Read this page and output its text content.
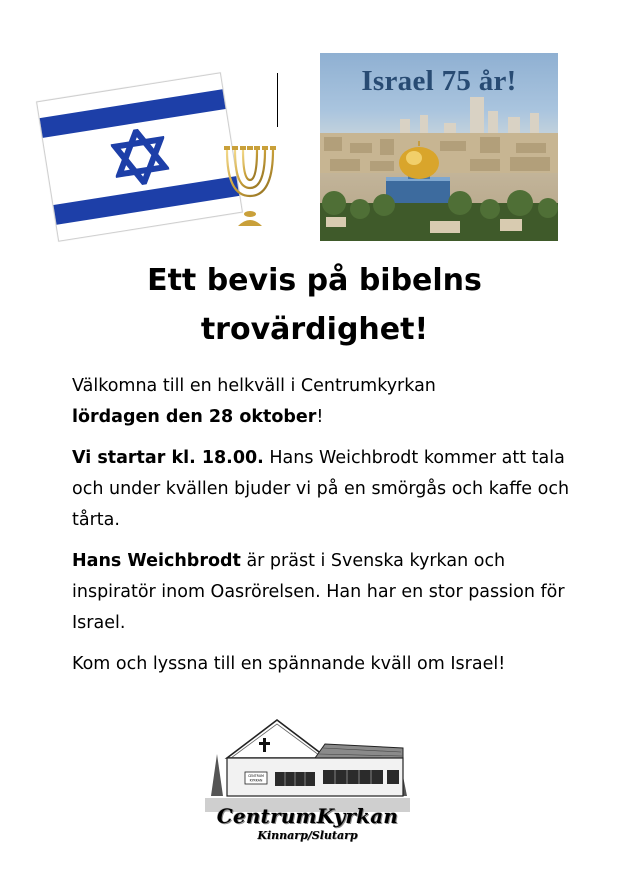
Israel 75 år!
Ett bevis på bibelns
trovärdighet!

Välkomna till en helkväll i Centrumkyrkan
lördagen den 28 oktober!

Vi startar kl. 18.00. Hans Weichbrodt kommer att tala och under kvällen bjuder vi på en smörgås och kaffe och tårta.

Hans Weichbrodt är präst i Svenska kyrkan och inspiratör inom Oasrörelsen. Han har en stor passion för Israel.

Kom och lyssna till en spännande kväll om Israel!

CENTRUM
KYRKAN
CentrumKyrkan
Kinnarp/Slutarp
